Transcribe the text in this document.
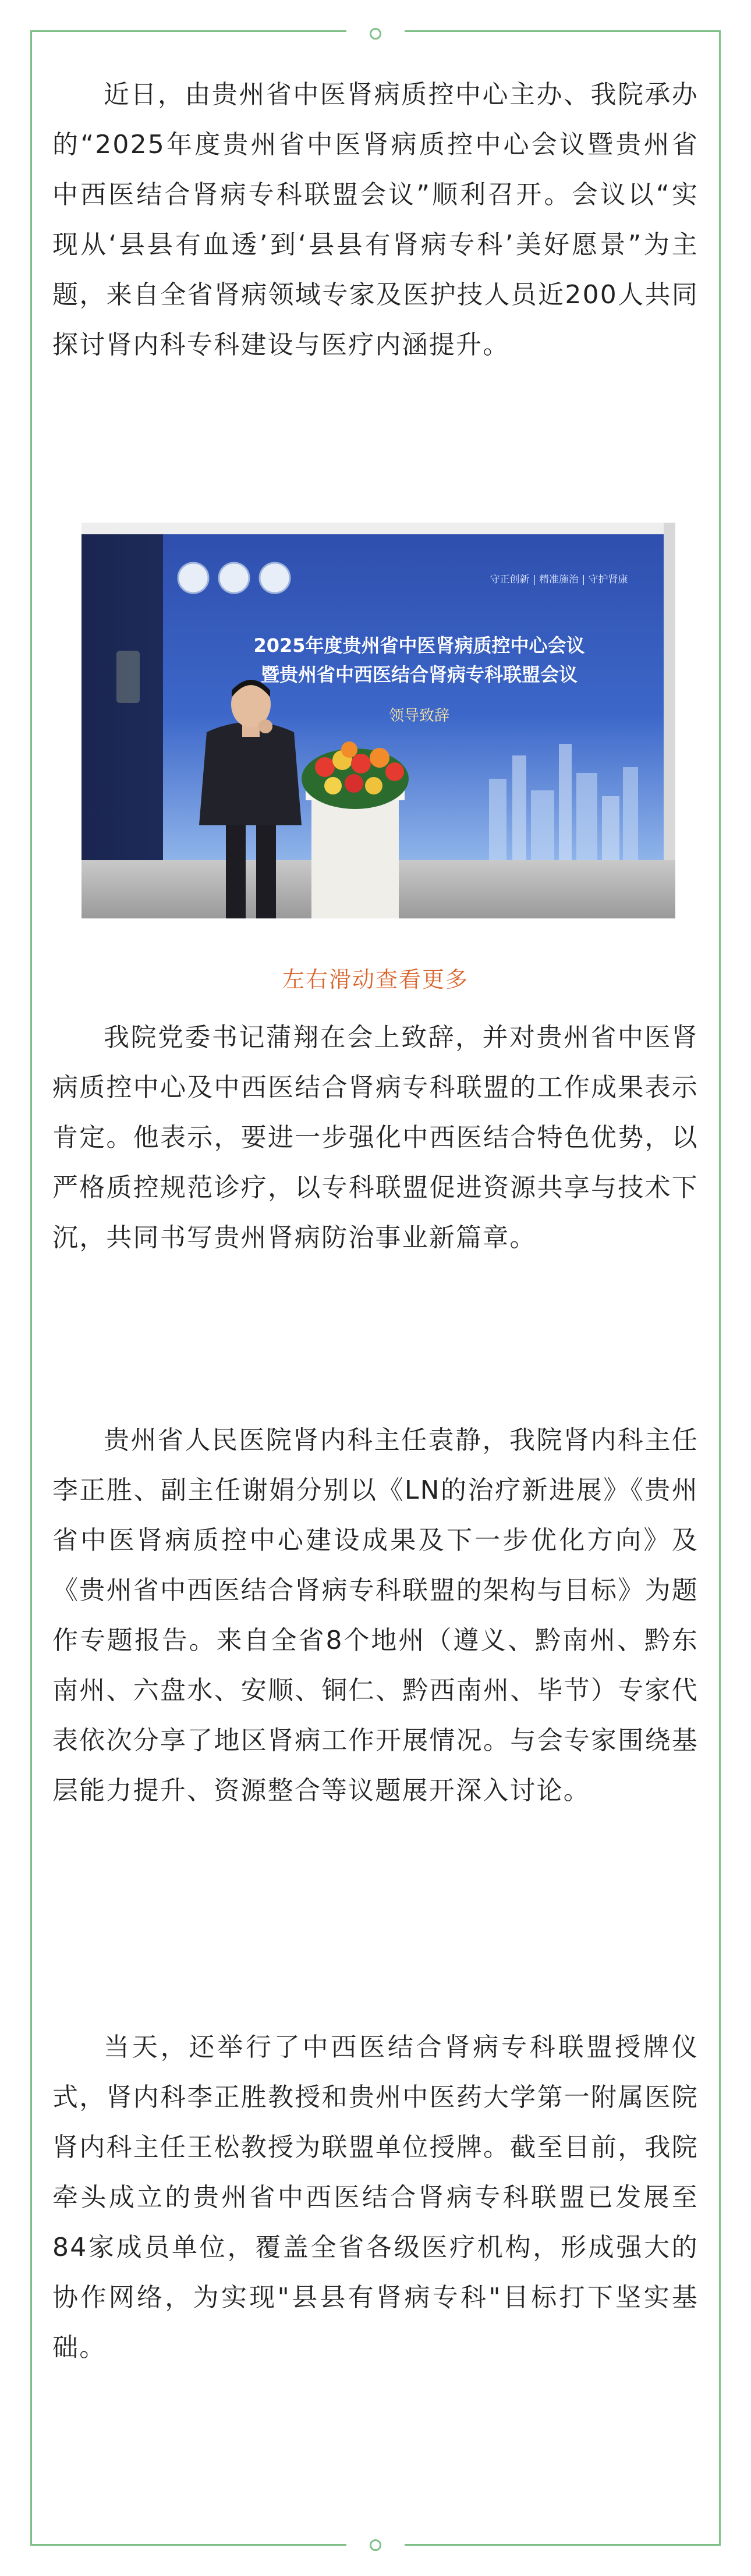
近日，由贵州省中医肾病质控中心主办、我院承办的“2025年度贵州省中医肾病质控中心会议暨贵州省中西医结合肾病专科联盟会议”顺利召开。会议以“实现从‘县县有血透’到‘县县有肾病专科’美好愿景”为主题，来自全省肾病领域专家及医护技人员近200人共同探讨肾内科专科建设与医疗内涵提升。

守正创新 | 精准施治 | 守护肾康
2025年度贵州省中医肾病质控中心会议
暨贵州省中西医结合肾病专科联盟会议
领导致辞
左右滑动查看更多

我院党委书记蒲翔在会上致辞，并对贵州省中医肾病质控中心及中西医结合肾病专科联盟的工作成果表示肯定。他表示，要进一步强化中西医结合特色优势，以严格质控规范诊疗，以专科联盟促进资源共享与技术下沉，共同书写贵州肾病防治事业新篇章。

贵州省人民医院肾内科主任袁静，我院肾内科主任李正胜、副主任谢娟分别以《LN的治疗新进展》《贵州省中医肾病质控中心建设成果及下一步优化方向》及《贵州省中西医结合肾病专科联盟的架构与目标》为题作专题报告。来自全省8个地州（遵义、黔南州、黔东南州、六盘水、安顺、铜仁、黔西南州、毕节）专家代表依次分享了地区肾病工作开展情况。与会专家围绕基层能力提升、资源整合等议题展开深入讨论。

当天，还举行了中西医结合肾病专科联盟授牌仪式，肾内科李正胜教授和贵州中医药大学第一附属医院肾内科主任王松教授为联盟单位授牌。截至目前，我院牵头成立的贵州省中西医结合肾病专科联盟已发展至84家成员单位，覆盖全省各级医疗机构，形成强大的协作网络，为实现"县县有肾病专科"目标打下坚实基础。
